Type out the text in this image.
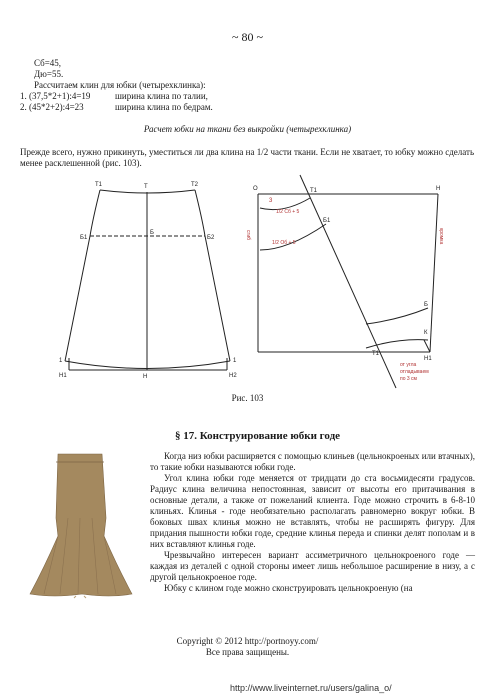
~ 80 ~
Сб=45,
Дю=55.
Рассчитаем клин для юбки (четырехклинка):
1. (37,5*2+1):4=19	ширина клина по талии,
2. (45*2+2):4=23	ширина клина по бедрам.
Расчет юбки на ткани без выкройки (четырехклинка)
Прежде всего, нужно прикинуть, уместиться ли два клина на 1/2 части ткани. Если не хватает, то юбку можно сделать менее расклешенной (рис. 103).
T1	T	T2
Б1
Б
Б2
1	1
Н1	Н	Н2
О	Т1	Н
Б1
Б
К
Т1
Н1
3
1/2 Сб + 5
1/2 Об + 5
сгиб	кромка
от угла
отладываем
по 3 см
Рис. 103
§ 17. Конструирование юбки годе

Когда низ юбки расширяется с помощью клиньев (цельнокроеных или втачных), то такие юбки называются юбки годе.

Угол клина юбки годе меняется от тридцати до ста восьмидесяти градусов. Радиус клина величина непостоянная, зависит от высоты его притачивания в основные детали, а также от пожеланий клиента. Годе можно строчить в 6-8-10 клиньях. Клинья - годе необязательно располагать равномерно вокруг юбки. В боковых швах клинья можно не вставлять, чтобы не расширять фигуру. Для придания пышности юбки годе, средние клинья переда и спинки делят пополам и в них вставляют клинья годе.

Чрезвычайно интересен вариант ассиметричного цельнокроеного годе — каждая из деталей с одной стороны имеет лишь небольшое расширение в низу, а с другой цельнокроеное годе.

Юбку с клином годе можно сконструировать цельнокроеную (на

Copyright © 2012 http://portnoyy.com/
Все права защищены.
http://www.liveinternet.ru/users/galina_o/
